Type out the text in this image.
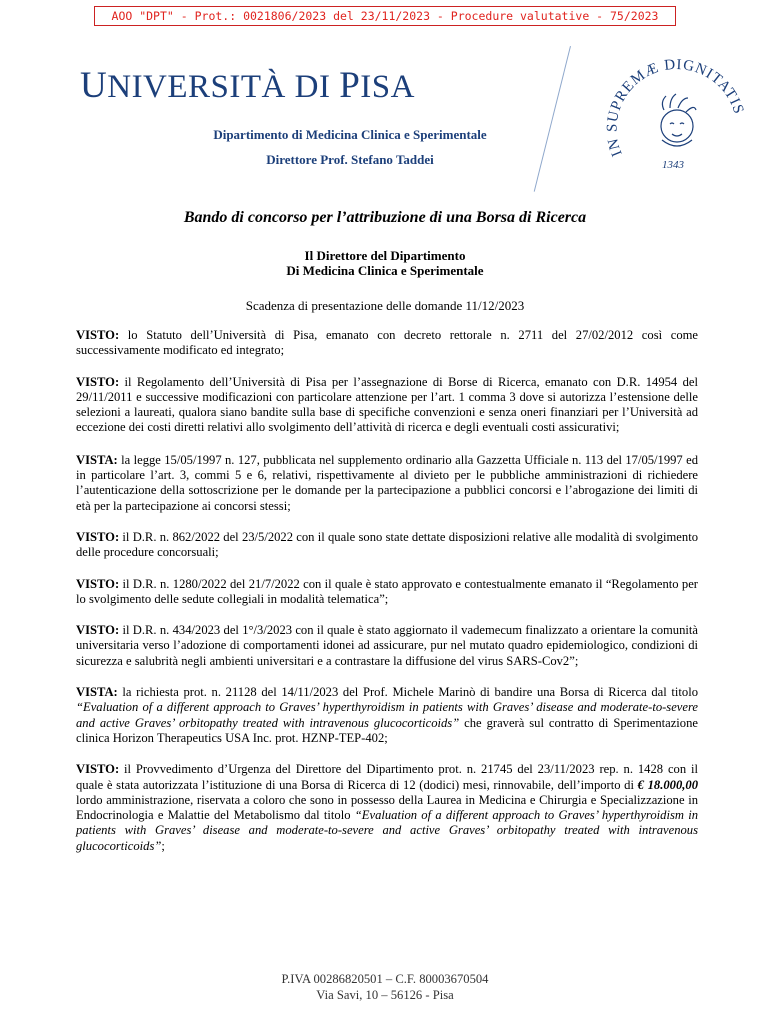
AOO "DPT" - Prot.: 0021806/2023 del 23/11/2023 - Procedure valutative - 75/2023
UNIVERSITÀ DI PISA
Dipartimento di Medicina Clinica e Sperimentale
Direttore Prof. Stefano Taddei	IN SUPREMÆ DIGNITATIS
1343
Bando di concorso per l’attribuzione di una Borsa di Ricerca
Il Direttore del Dipartimento
Di Medicina Clinica e Sperimentale
Scadenza di presentazione delle domande 11/12/2023

VISTO: lo Statuto dell’Università di Pisa, emanato con decreto rettorale n. 2711 del 27/02/2012 così come successivamente modificato ed integrato;

VISTO: il Regolamento dell’Università di Pisa per l’assegnazione di Borse di Ricerca, emanato con D.R. 14954 del 29/11/2011 e successive modificazioni con particolare attenzione per l’art. 1 comma 3 dove si autorizza l’estensione delle selezioni a laureati, qualora siano bandite sulla base di specifiche convenzioni e senza oneri finanziari per l’Università ad eccezione dei costi diretti relativi allo svolgimento dell’attività di ricerca e degli eventuali costi assicurativi;

VISTA: la legge 15/05/1997 n. 127, pubblicata nel supplemento ordinario alla Gazzetta Ufficiale n. 113 del 17/05/1997 ed in particolare l’art. 3, commi 5 e 6, relativi, rispettivamente al divieto per le pubbliche amministrazioni di richiedere l’autenticazione della sottoscrizione per le domande per la partecipazione a pubblici concorsi e l’abrogazione dei limiti di età per la partecipazione ai concorsi stessi;

VISTO: il D.R. n. 862/2022 del 23/5/2022 con il quale sono state dettate disposizioni relative alle modalità di svolgimento delle procedure concorsuali;

VISTO: il D.R. n. 1280/2022 del 21/7/2022 con il quale è stato approvato e contestualmente emanato il “Regolamento per lo svolgimento delle sedute collegiali in modalità telematica”;

VISTO: il D.R. n. 434/2023 del 1°/3/2023 con il quale è stato aggiornato il vademecum finalizzato a orientare la comunità universitaria verso l’adozione di comportamenti idonei ad assicurare, pur nel mutato quadro epidemiologico, condizioni di sicurezza e salubrità negli ambienti universitari e a contrastare la diffusione del virus SARS-Cov2”;

VISTA: la richiesta prot. n. 21128 del 14/11/2023 del Prof. Michele Marinò di bandire una Borsa di Ricerca dal titolo “Evaluation of a different approach to Graves’ hyperthyroidism in patients with Graves’ disease and moderate-to-severe and active Graves’ orbitopathy treated with intravenous glucocorticoids” che graverà sul contratto di Sperimentazione clinica Horizon Therapeutics USA Inc. prot. HZNP-TEP-402;

VISTO: il Provvedimento d’Urgenza del Direttore del Dipartimento prot. n. 21745 del 23/11/2023 rep. n. 1428 con il quale è stata autorizzata l’istituzione di una Borsa di Ricerca di 12 (dodici) mesi, rinnovabile, dell’importo di € 18.000,00 lordo amministrazione, riservata a coloro che sono in possesso della Laurea in Medicina e Chirurgia e Specializzazione in Endocrinologia e Malattie del Metabolismo dal titolo “Evaluation of a different approach to Graves’ hyperthyroidism in patients with Graves’ disease and moderate-to-severe and active Graves’ orbitopathy treated with intravenous glucocorticoids”;

P.IVA 00286820501 – C.F. 80003670504
Via Savi, 10 – 56126 - Pisa
